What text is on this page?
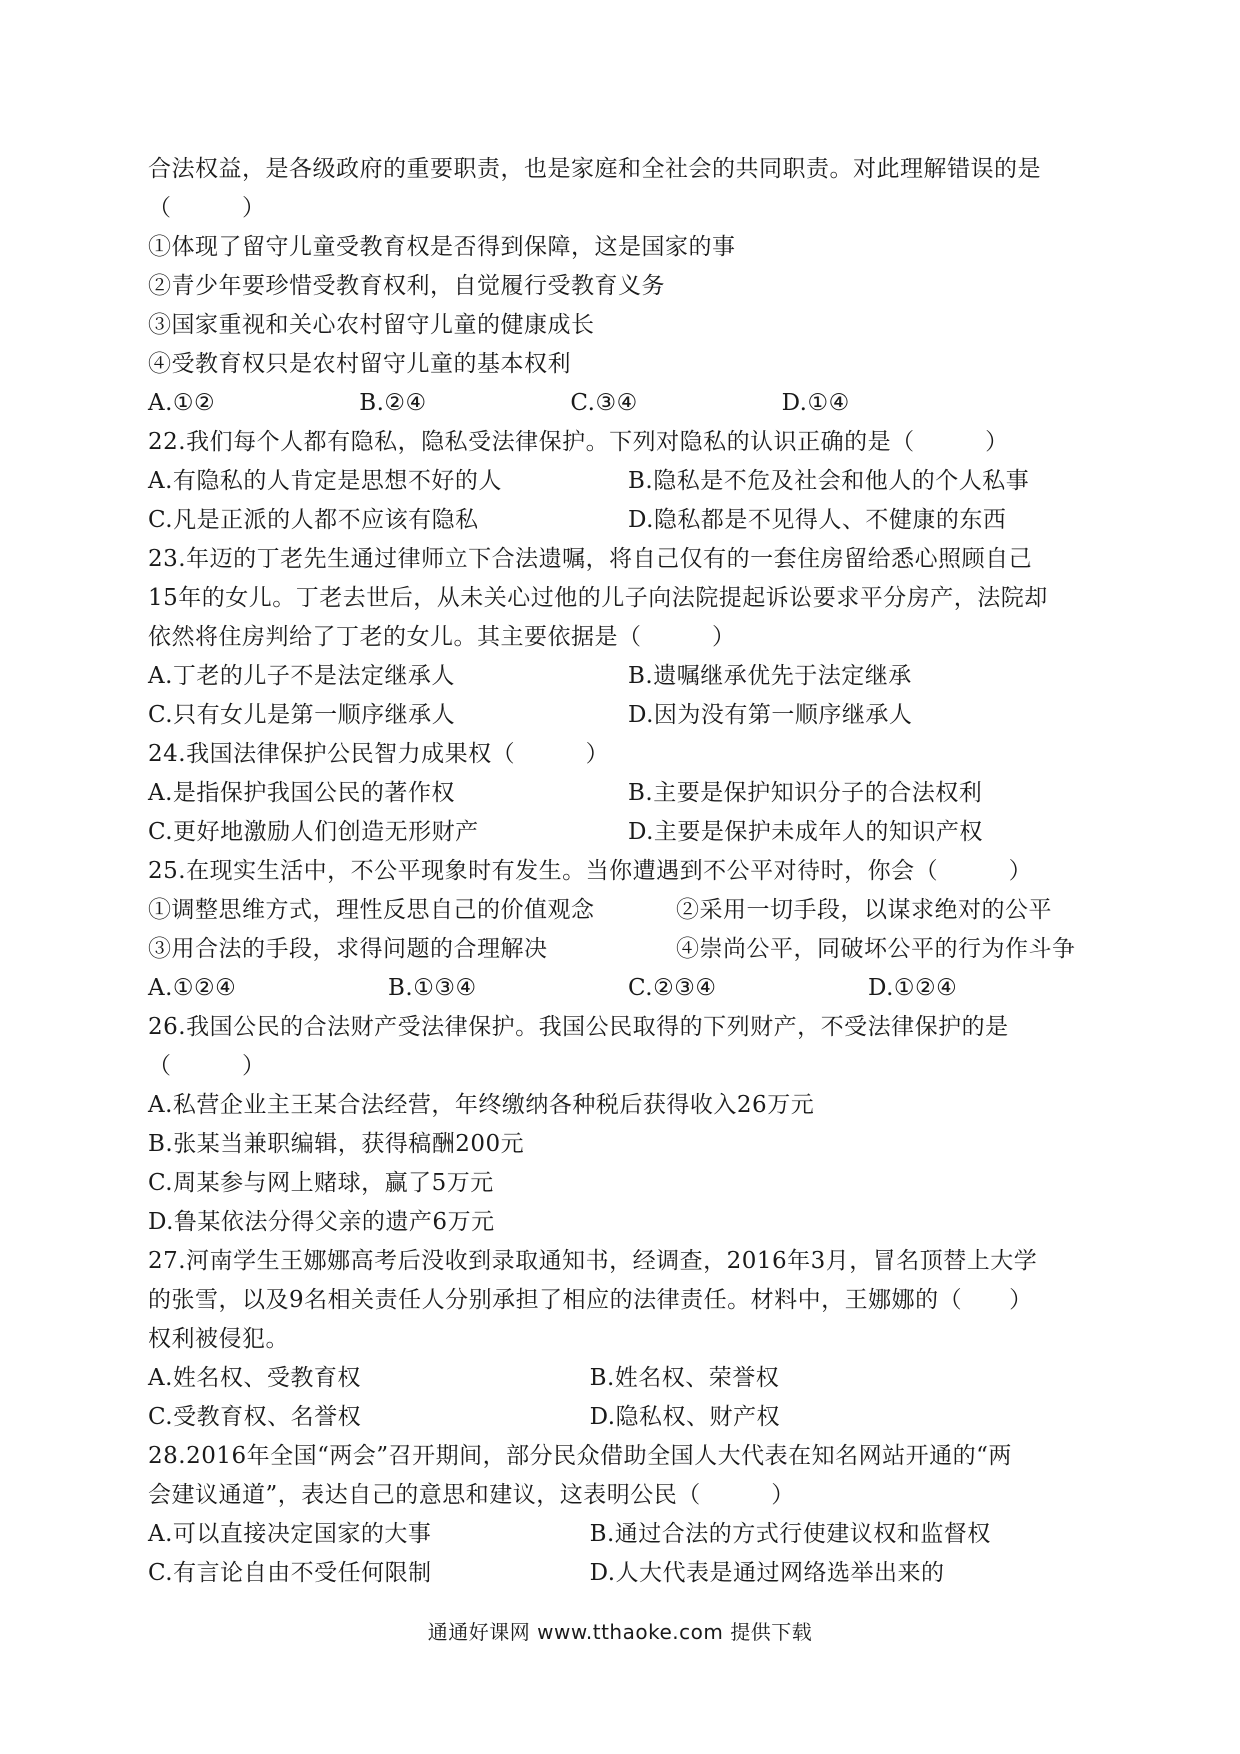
合法权益，是各级政府的重要职责，也是家庭和全社会的共同职责。对此理解错误的是
（　　　）
①体现了留守儿童受教育权是否得到保障，这是国家的事
②青少年要珍惜受教育权利，自觉履行受教育义务
③国家重视和关心农村留守儿童的健康成长
④受教育权只是农村留守儿童的基本权利
A.①②	B.②④	C.③④	D.①④
22.我们每个人都有隐私，隐私受法律保护。下列对隐私的认识正确的是（　　　）
A.有隐私的人肯定是思想不好的人	B.隐私是不危及社会和他人的个人私事
C.凡是正派的人都不应该有隐私	D.隐私都是不见得人、不健康的东西
23.年迈的丁老先生通过律师立下合法遗嘱，将自己仅有的一套住房留给悉心照顾自己
15年的女儿。丁老去世后，从未关心过他的儿子向法院提起诉讼要求平分房产，法院却
依然将住房判给了丁老的女儿。其主要依据是（　　　）
A.丁老的儿子不是法定继承人	B.遗嘱继承优先于法定继承
C.只有女儿是第一顺序继承人	D.因为没有第一顺序继承人
24.我国法律保护公民智力成果权（　　　）
A.是指保护我国公民的著作权	B.主要是保护知识分子的合法权利
C.更好地激励人们创造无形财产	D.主要是保护未成年人的知识产权
25.在现实生活中，不公平现象时有发生。当你遭遇到不公平对待时，你会（　　　）
①调整思维方式，理性反思自己的价值观念	②采用一切手段，以谋求绝对的公平
③用合法的手段，求得问题的合理解决	④崇尚公平，同破坏公平的行为作斗争
A.①②④	B.①③④	C.②③④	D.①②④
26.我国公民的合法财产受法律保护。我国公民取得的下列财产，不受法律保护的是
（　　　）
A.私营企业主王某合法经营，年终缴纳各种税后获得收入26万元
B.张某当兼职编辑，获得稿酬200元
C.周某参与网上赌球，赢了5万元
D.鲁某依法分得父亲的遗产6万元
27.河南学生王娜娜高考后没收到录取通知书，经调查，2016年3月，冒名顶替上大学
的张雪，以及9名相关责任人分别承担了相应的法律责任。材料中，王娜娜的（　　）
权利被侵犯。
A.姓名权、受教育权	B.姓名权、荣誉权
C.受教育权、名誉权	D.隐私权、财产权
28.2016年全国“两会”召开期间，部分民众借助全国人大代表在知名网站开通的“两
会建议通道”，表达自己的意思和建议，这表明公民（　　　）
A.可以直接决定国家的大事	B.通过合法的方式行使建议权和监督权
C.有言论自由不受任何限制	D.人大代表是通过网络选举出来的
通通好课网 www.tthaoke.com 提供下载
